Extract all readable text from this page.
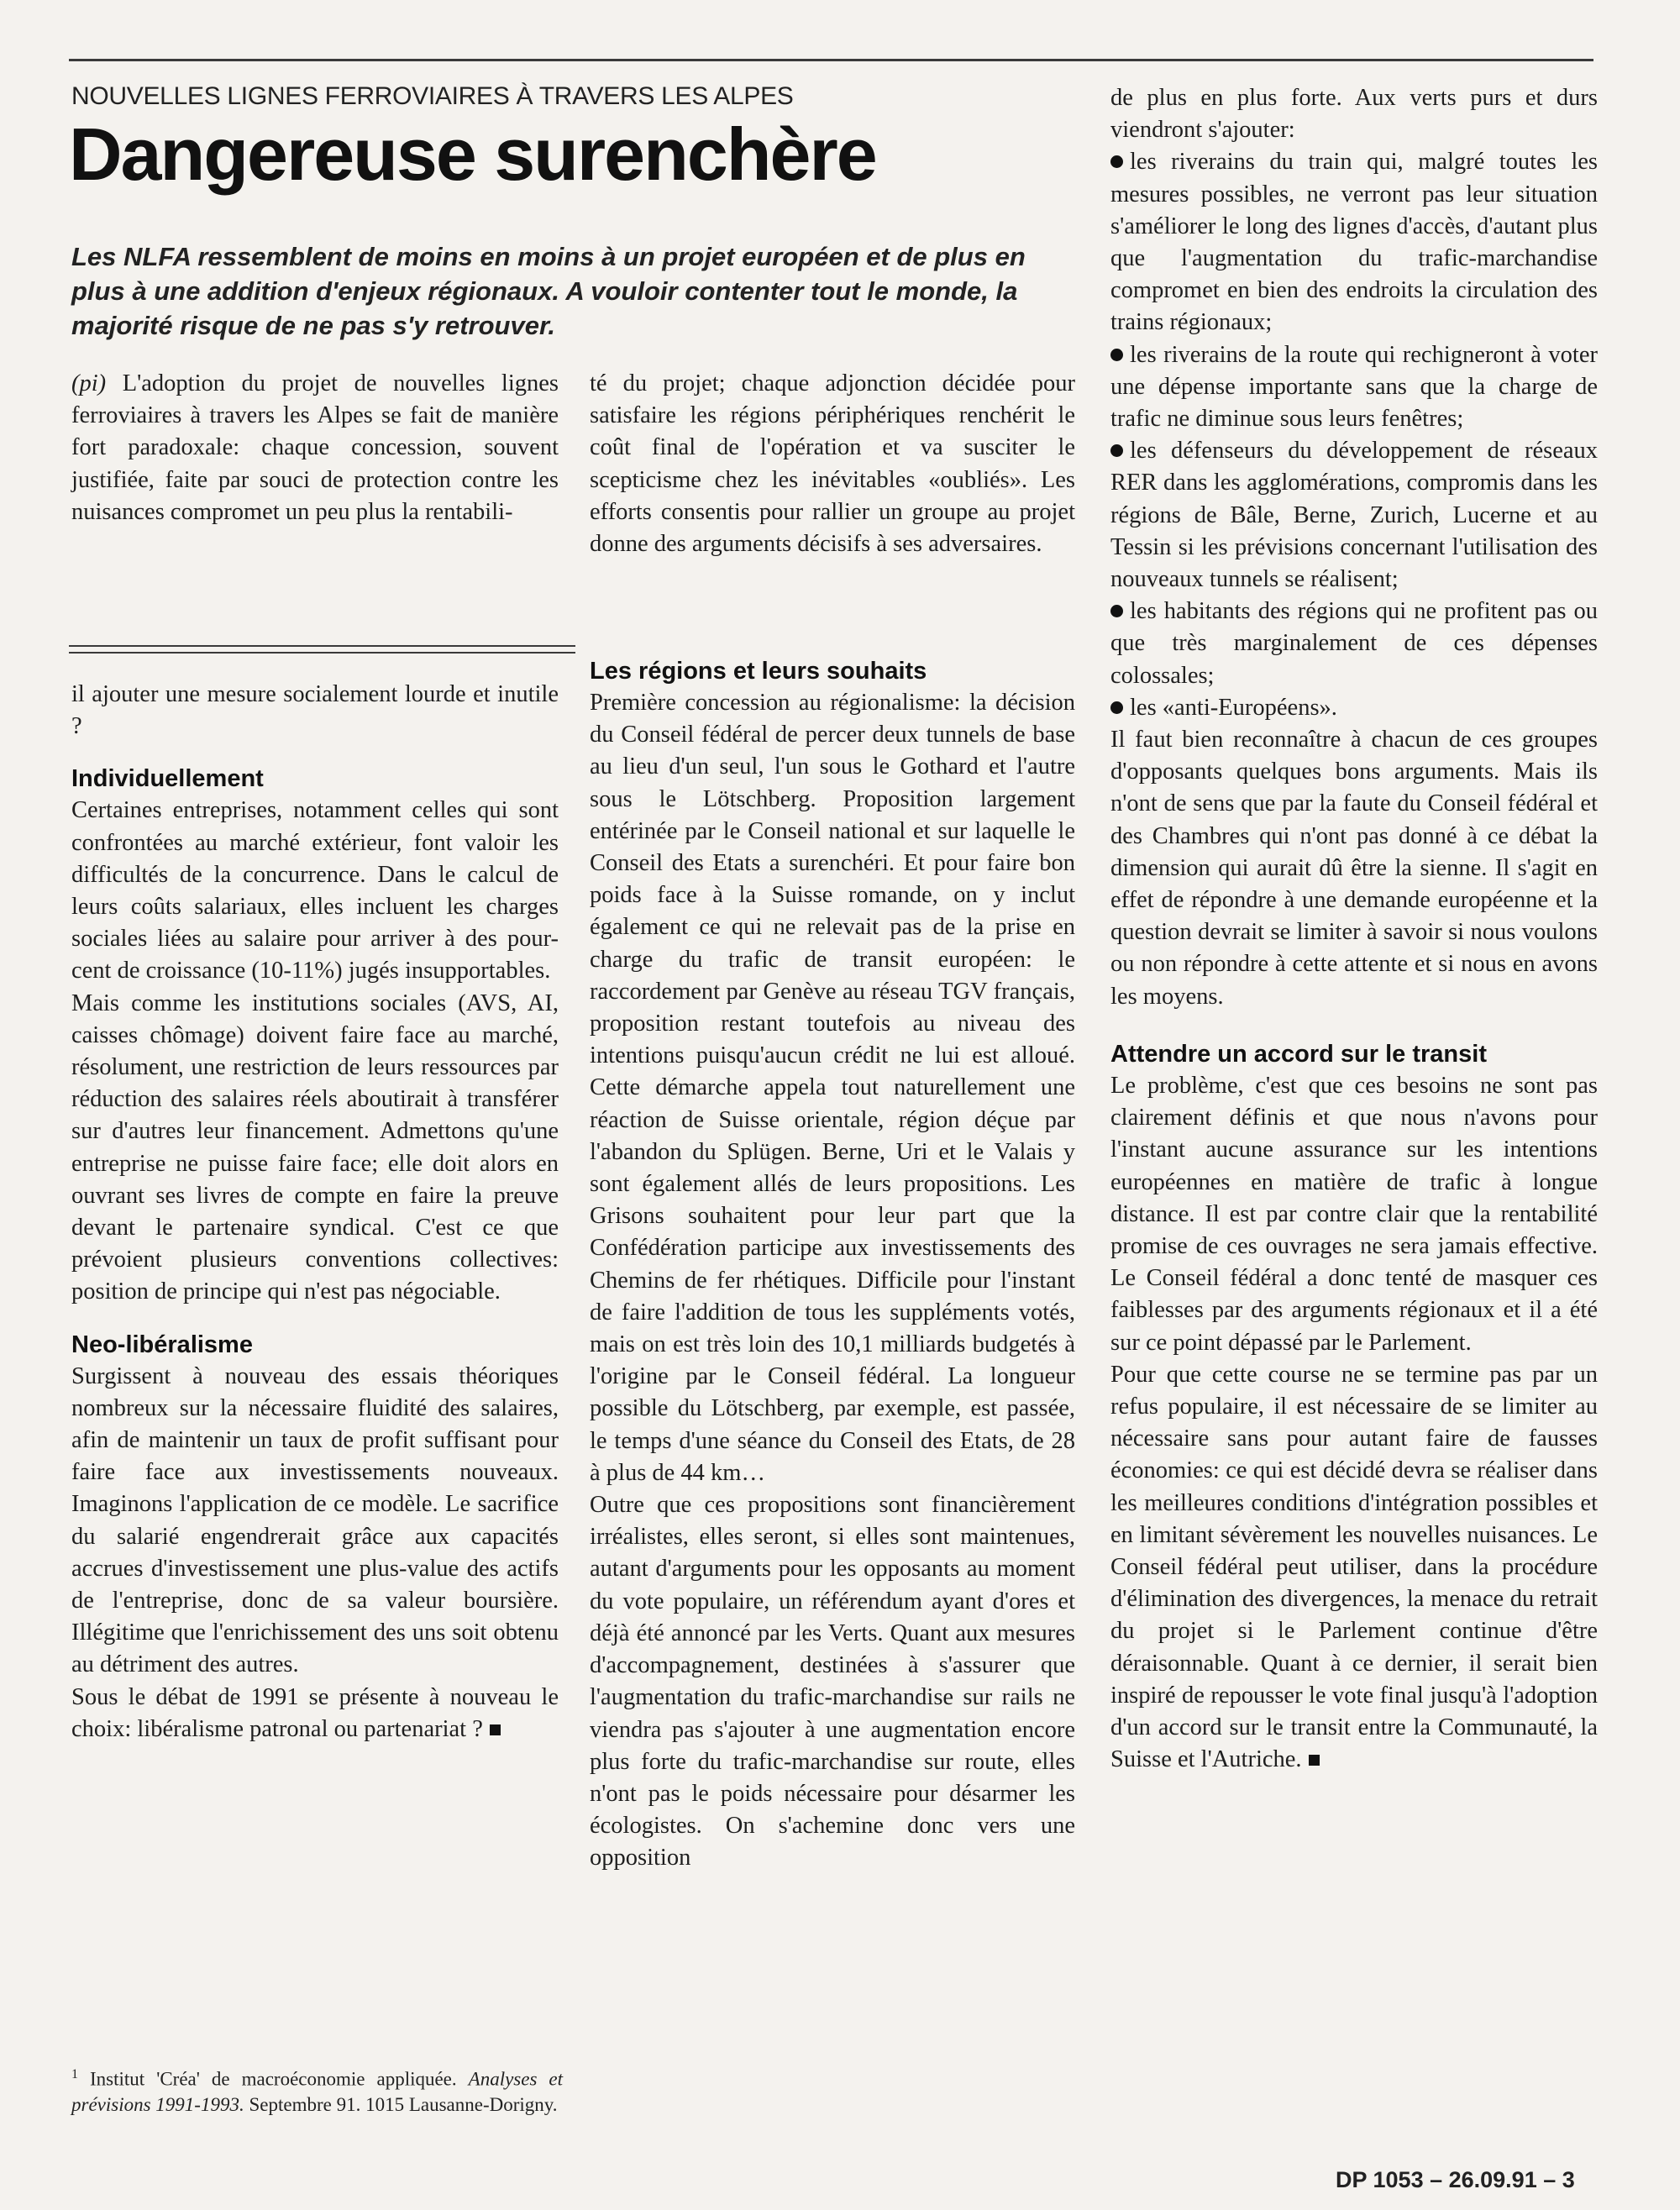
NOUVELLES LIGNES FERROVIAIRES À TRAVERS LES ALPES
Dangereuse surenchère

Les NLFA ressemblent de moins en moins à un projet européen et de plus en plus à une addition d'enjeux régionaux. A vouloir contenter tout le monde, la majorité risque de ne pas s'y retrouver.

(pi) L'adoption du projet de nouvelles lignes ferroviaires à travers les Alpes se fait de manière fort paradoxale: chaque concession, souvent justifiée, faite par souci de protection contre les nuisances compromet un peu plus la rentabili-

té du projet; chaque adjonction décidée pour satisfaire les régions périphériques renchérit le coût final de l'opération et va susciter le scepticisme chez les inévitables «oubliés». Les efforts consentis pour rallier un groupe au projet donne des arguments décisifs à ses adversaires.

il ajouter une mesure socialement lourde et inutile ?

Individuellement

Certaines entreprises, notamment celles qui sont confrontées au marché extérieur, font valoir les difficultés de la concurrence. Dans le calcul de leurs coûts salariaux, elles incluent les charges sociales liées au salaire pour arriver à des pour-cent de croissance (10-11%) jugés insupportables.

Mais comme les institutions sociales (AVS, AI, caisses chômage) doivent faire face au marché, résolument, une restriction de leurs ressources par réduction des salaires réels aboutirait à transférer sur d'autres leur financement. Admettons qu'une entreprise ne puisse faire face; elle doit alors en ouvrant ses livres de compte en faire la preuve devant le partenaire syndical. C'est ce que prévoient plusieurs conventions collectives: position de principe qui n'est pas négociable.

Neo-libéralisme

Surgissent à nouveau des essais théoriques nombreux sur la nécessaire fluidité des salaires, afin de maintenir un taux de profit suffisant pour faire face aux investissements nouveaux. Imaginons l'application de ce modèle. Le sacrifice du salarié engendrerait grâce aux capacités accrues d'investissement une plus-value des actifs de l'entreprise, donc de sa valeur boursière. Illégitime que l'enrichissement des uns soit obtenu au détriment des autres.

Sous le débat de 1991 se présente à nouveau le choix: libéralisme patronal ou partenariat ?

$^1$ Institut 'Créa' de macroéconomie appliquée. Analyses et prévisions 1991-1993. Septembre 91. 1015 Lausanne-Dorigny.

Les régions et leurs souhaits

Première concession au régionalisme: la décision du Conseil fédéral de percer deux tunnels de base au lieu d'un seul, l'un sous le Gothard et l'autre sous le Lötschberg. Proposition largement entérinée par le Conseil national et sur laquelle le Conseil des Etats a surenchéri. Et pour faire bon poids face à la Suisse romande, on y inclut également ce qui ne relevait pas de la prise en charge du trafic de transit européen: le raccordement par Genève au réseau TGV français, proposition restant toutefois au niveau des intentions puisqu'aucun crédit ne lui est alloué. Cette démarche appela tout naturellement une réaction de Suisse orientale, région déçue par l'abandon du Splügen. Berne, Uri et le Valais y sont également allés de leurs propositions. Les Grisons souhaitent pour leur part que la Confédération participe aux investissements des Chemins de fer rhétiques. Difficile pour l'instant de faire l'addition de tous les suppléments votés, mais on est très loin des 10,1 milliards budgetés à l'origine par le Conseil fédéral. La longueur possible du Lötschberg, par exemple, est passée, le temps d'une séance du Conseil des Etats, de 28 à plus de 44 km…

Outre que ces propositions sont financièrement irréalistes, elles seront, si elles sont maintenues, autant d'arguments pour les opposants au moment du vote populaire, un référendum ayant d'ores et déjà été annoncé par les Verts. Quant aux mesures d'accompagnement, destinées à s'assurer que l'augmentation du trafic-marchandise sur rails ne viendra pas s'ajouter à une augmentation encore plus forte du trafic-marchandise sur route, elles n'ont pas le poids nécessaire pour désarmer les écologistes. On s'achemine donc vers une opposition

de plus en plus forte. Aux verts purs et durs viendront s'ajouter:

les riverains du train qui, malgré toutes les mesures possibles, ne verront pas leur situation s'améliorer le long des lignes d'accès, d'autant plus que l'augmentation du trafic-marchandise compromet en bien des endroits la circulation des trains régionaux;

les riverains de la route qui rechigneront à voter une dépense importante sans que la charge de trafic ne diminue sous leurs fenêtres;

les défenseurs du développement de réseaux RER dans les agglomérations, compromis dans les régions de Bâle, Berne, Zurich, Lucerne et au Tessin si les prévisions concernant l'utilisation des nouveaux tunnels se réalisent;

les habitants des régions qui ne profitent pas ou que très marginalement de ces dépenses colossales;

les «anti-Européens».

Il faut bien reconnaître à chacun de ces groupes d'opposants quelques bons arguments. Mais ils n'ont de sens que par la faute du Conseil fédéral et des Chambres qui n'ont pas donné à ce débat la dimension qui aurait dû être la sienne. Il s'agit en effet de répondre à une demande européenne et la question devrait se limiter à savoir si nous voulons ou non répondre à cette attente et si nous en avons les moyens.

Attendre un accord sur le transit

Le problème, c'est que ces besoins ne sont pas clairement définis et que nous n'avons pour l'instant aucune assurance sur les intentions européennes en matière de trafic à longue distance. Il est par contre clair que la rentabilité promise de ces ouvrages ne sera jamais effective. Le Conseil fédéral a donc tenté de masquer ces faiblesses par des arguments régionaux et il a été sur ce point dépassé par le Parlement.

Pour que cette course ne se termine pas par un refus populaire, il est nécessaire de se limiter au nécessaire sans pour autant faire de fausses économies: ce qui est décidé devra se réaliser dans les meilleures conditions d'intégration possibles et en limitant sévèrement les nouvelles nuisances. Le Conseil fédéral peut utiliser, dans la procédure d'élimination des divergences, la menace du retrait du projet si le Parlement continue d'être déraisonnable. Quant à ce dernier, il serait bien inspiré de repousser le vote final jusqu'à l'adoption d'un accord sur le transit entre la Communauté, la Suisse et l'Autriche.

DP 1053 – 26.09.91 – 3
